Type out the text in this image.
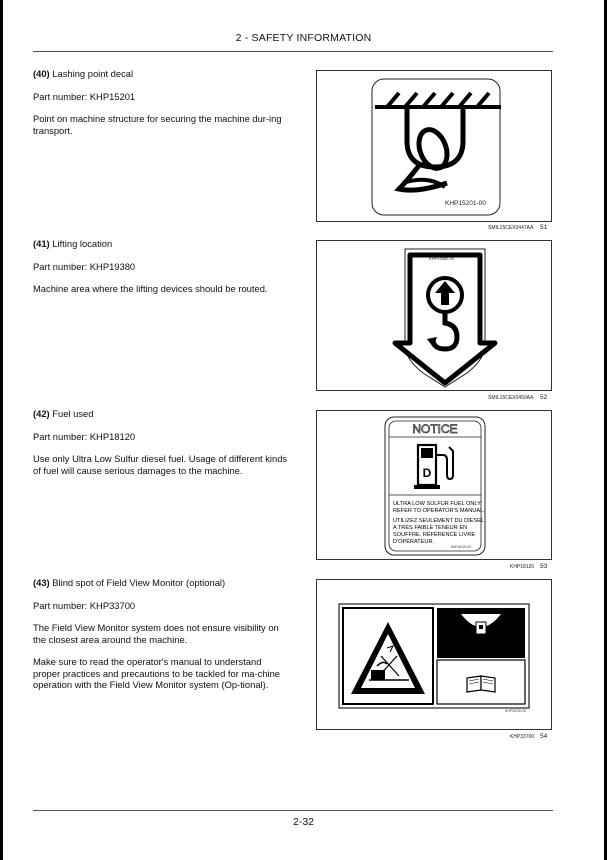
2 - SAFETY INFORMATION

(40) Lashing point decal

Part number: KHP15201

Point on machine structure for securing the machine dur-ing transport.

KHP15201-00
SMIL15CEX0447AA 51

(41) Lifting location

Part number: KHP19380

Machine area where the lifting devices should be routed.

KHP19380-00
SMIL15CEX0450AA 52

(42) Fuel used

Part number: KHP18120

Use only Ultra Low Sulfur diesel fuel. Usage of different kinds of fuel will cause serious damages to the machine.

NOTICE
D
ULTRA LOW SULFUR FUEL ONLY.
REFER TO OPERATOR'S MANUAL.
UTILIZEZ SEULEMENT DU DIESEL
A TRÈS FAIBLE TENEUR EN
SOUFFRE. RÉFÉRENCE LIVRE
D'OPÉRATEUR.
KHP18120-00
KHP18120 53

(43) Blind spot of Field View Monitor (optional)

Part number: KHP33700

The Field View Monitor system does not ensure visibility on the closest area around the machine.

Make sure to read the operator's manual to understand proper practices and precautions to be tackled for ma-chine operation with the Field View Monitor system (Op-tional).

KHP33700-00
KHP33700 54
2-32
